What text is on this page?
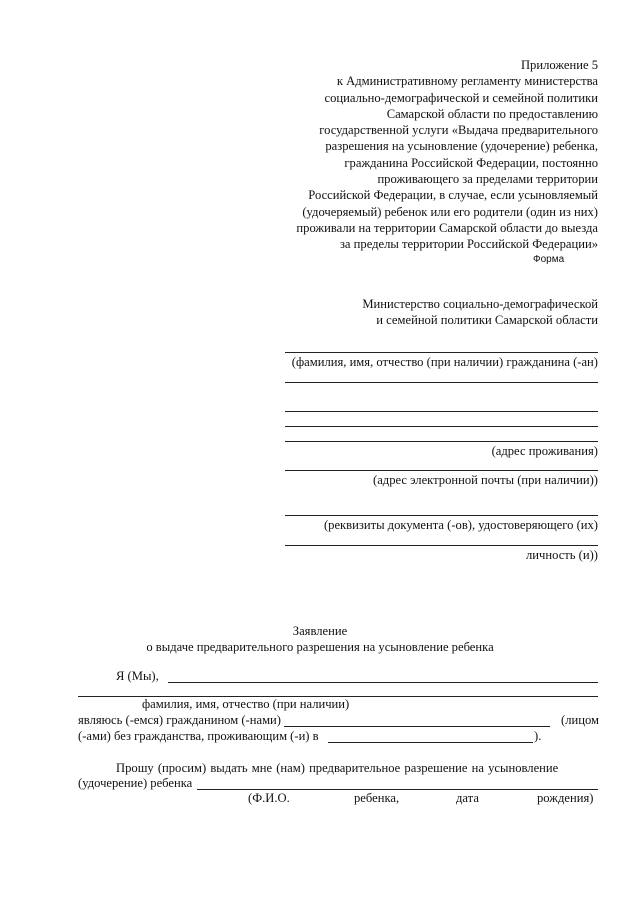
Приложение 5
к Административному регламенту министерства
социально-демографической и семейной политики
Самарской области по предоставлению
государственной услуги «Выдача предварительного
разрешения на усыновление (удочерение) ребенка,
гражданина Российской Федерации, постоянно
проживающего за пределами территории
Российской Федерации, в случае, если усыновляемый
(удочеряемый) ребенок или его родители (один из них)
проживали на территории Самарской области до выезда
за пределы территории Российской Федерации»
Форма
Министерство социально-демографической
и семейной политики Самарской области
(фамилия, имя, отчество (при наличии) гражданина (-ан)
(адрес проживания)
(адрес электронной почты (при наличии))
(реквизиты документа (-ов), удостоверяющего (их)
личность (и))
Заявление
о выдаче предварительного разрешения на усыновление ребенка
Я (Мы),
фамилия, имя, отчество (при наличии)
являюсь (-емся) гражданином (-нами)	(лицом
(-ами) без гражданства, проживающим (-и) в	).
Прошу (просим) выдать мне (нам) предварительное разрешение на усыновление
(удочерение) ребенка
(Ф.И.О.	ребенка,	дата	рождения)
